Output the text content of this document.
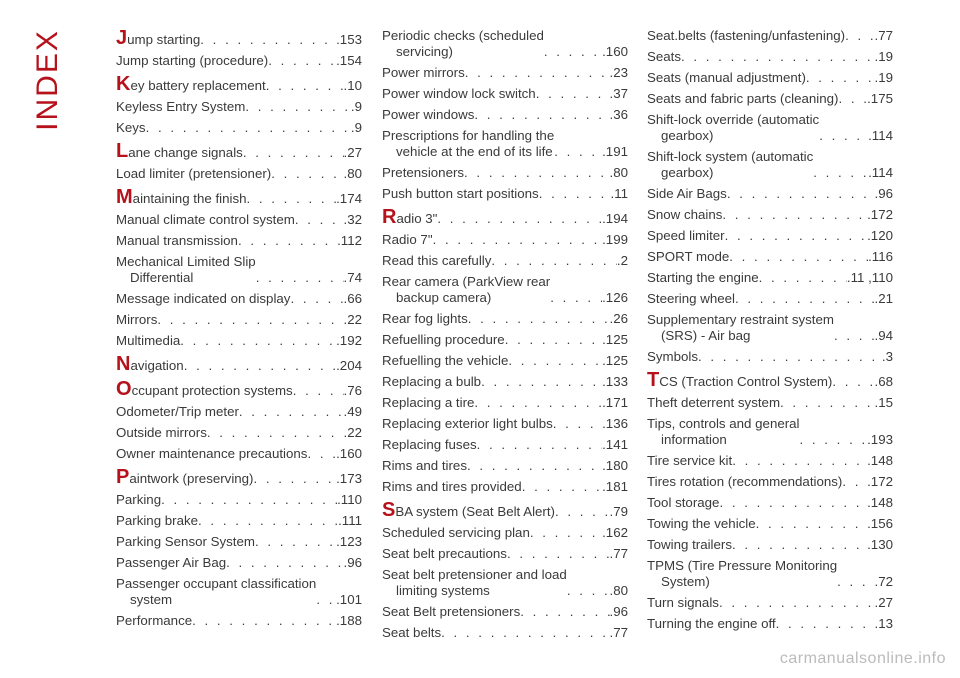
INDEX	Jump starting . . .	.153
Jump starting (procedure) . . .	.154
Key battery replacement . . .	.10
Keyless Entry System . . .	.9
Keys . . .	.9
Lane change signals . . .	.27
Load limiter (pretensioner) . . .	.80
Maintaining the finish . . .	.174
Manual climate control system . . .	.32
Manual transmission . . .	.112
Mechanical Limited Slip
Differential . . .	.74
Message indicated on display . . .	.66
Mirrors . . .	.22
Multimedia . . .	.192
Navigation . . .	.204
Occupant protection systems . . .	.76
Odometer/Trip meter . . .	.49
Outside mirrors . . .	.22
Owner maintenance precautions . . . .160
Paintwork (preserving) . . .	.173
Parking . . .	.110
Parking brake . . .	.111
Parking Sensor System . . .	.123
Passenger Air Bag . . .	.96
Passenger occupant classification
system . . .	.101
Performance . . .	.188
Periodic checks (scheduled
servicing) . . .	.160
Power mirrors . . .	.23
Power window lock switch . . .	.37
Power windows . . .	.36
Prescriptions for handling the
vehicle at the end of its life . . .	.191
Pretensioners . . .	.80
Push button start positions . . .	.11
Radio 3" . . .	.194
Radio 7" . . .	.199
Read this carefully . . .	.2
Rear camera (ParkView rear
backup camera) . . .	.126
Rear fog lights . . .	.26
Refuelling procedure . . .	.125
Refuelling the vehicle . . .	.125
Replacing a bulb . . .	.133
Replacing a tire . . .	.171
Replacing exterior light bulbs . . .	.136
Replacing fuses . . .	.141
Rims and tires . . .	.180
Rims and tires provided . . .	.181
SBA system (Seat Belt Alert) . . .	.79
Scheduled servicing plan . . .	.162
Seat belt precautions . . .	.77
Seat belt pretensioner and load
limiting systems . . .	.80
Seat Belt pretensioners . . .	.96
Seat belts . . .	.77
Seat.belts (fastening/unfastening) . . . .77
Seats . . .	.19
Seats (manual adjustment) . . .	.19
Seats and fabric parts (cleaning) . . . .175
Shift-lock override (automatic
gearbox) . . .	.114
Shift-lock system (automatic
gearbox) . . .	.114
Side Air Bags . . .	.96
Snow chains . . .	.172
Speed limiter . . .	.120
SPORT mode . . .	.116
Starting the engine . . .	.11 ,110
Steering wheel . . .	.21
Supplementary restraint system
(SRS) - Air bag . . .	.94
Symbols . . .	.3
TCS (Traction Control System) . . .	.68
Theft deterrent system . . .	.15
Tips, controls and general
information . . .	.193
Tire service kit . . .	.148
Tires rotation (recommendations) . . . .172
Tool storage . . .	.148
Towing the vehicle . . .	.156
Towing trailers . . .	.130
TPMS (Tire Pressure Monitoring
System) . . .	.72
Turn signals . . .	.27
Turning the engine off . . .	.13
carmanualsonline.info
